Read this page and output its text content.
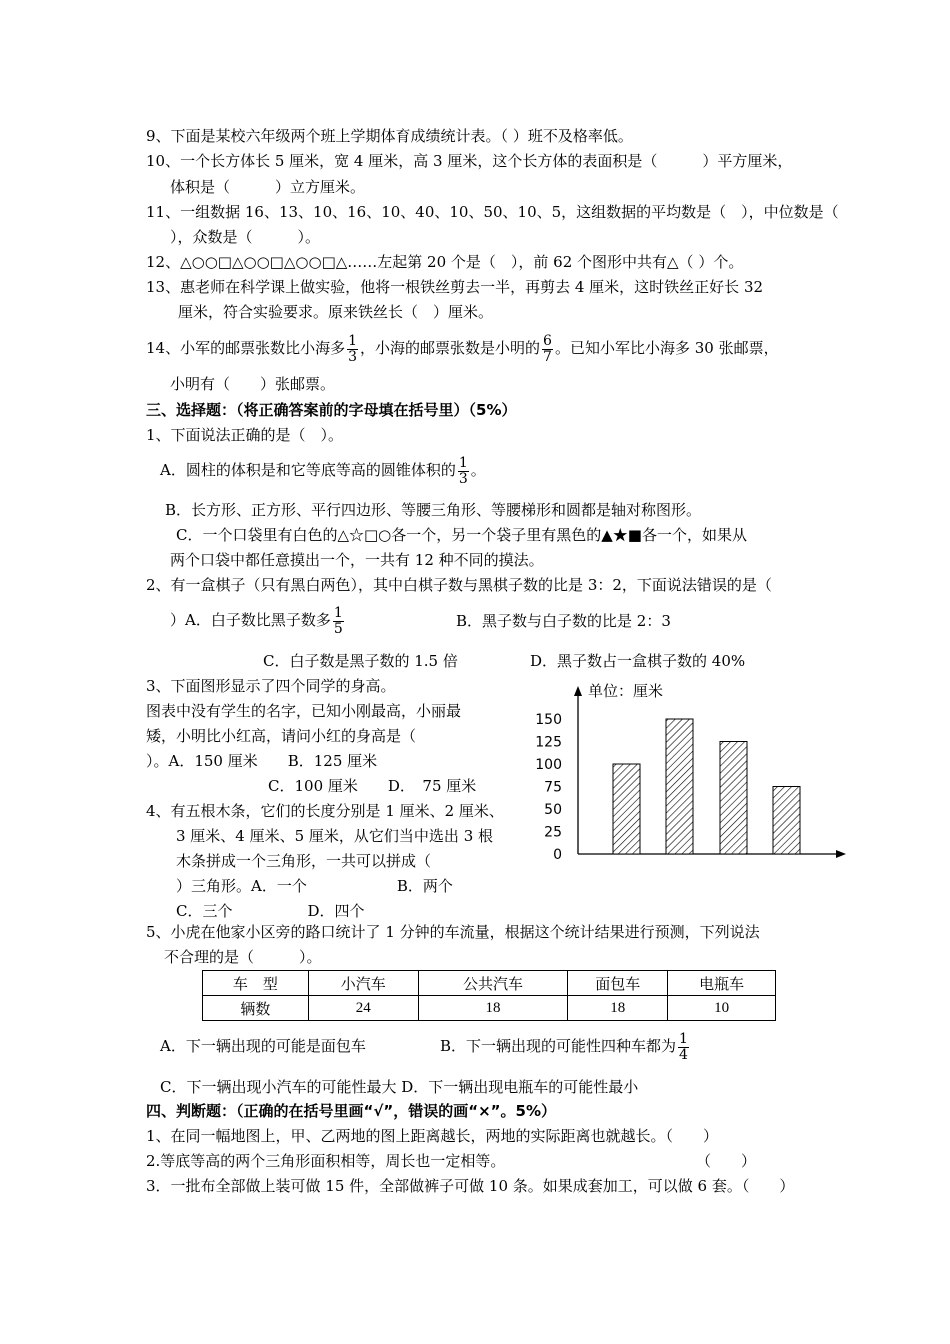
9、下面是某校六年级两个班上学期体育成绩统计表。（ ）班不及格率低。
10、一个长方体长 5 厘米，宽 4 厘米，高 3 厘米，这个长方体的表面积是（　　　）平方厘米，
体积是（　　　）立方厘米。
11、一组数据 16、13、10、16、10、40、10、50、10、5，这组数据的平均数是（　），中位数是（
），众数是（　　　）。
12、△○○□△○○□△○○□△……左起第 20 个是（　），前 62 个图形中共有△（ ）个。
13、惠老师在科学课上做实验，他将一根铁丝剪去一半，再剪去 4 厘米，这时铁丝正好长 32
厘米，符合实验要求。原来铁丝长（　）厘米。
14、小军的邮票张数比小海多 $\frac{1}{3}$ ，小海的邮票张数是小明的 $\frac{6}{7}$ 。已知小军比小海多 30 张邮票，
小明有（　　）张邮票。
三、选择题：（将正确答案前的字母填在括号里）（5%）
1、下面说法正确的是（　）。
A．圆柱的体积是和它等底等高的圆锥体积的 $\frac{1}{3}$ 。
B．长方形、正方形、平行四边形、等腰三角形、等腰梯形和圆都是轴对称图形。
C．一个口袋里有白色的△☆□○各一个，另一个袋子里有黑色的▲★■各一个，如果从
两个口袋中都任意摸出一个，一共有 12 种不同的摸法。
2、有一盒棋子（只有黑白两色），其中白棋子数与黑棋子数的比是 3：2，下面说法错误的是（
）A．白子数比黑子数多 $\frac{1}{5}$	B．黑子数与白子数的比是 2：3
C．白子数是黑子数的 1.5 倍	D．黑子数占一盒棋子数的 40%
3、下面图形显示了四个同学的身高。
图表中没有学生的名字，已知小刚最高，小丽最
矮，小明比小红高，请问小红的身高是（
）。A．150 厘米　　B．125 厘米
C．100 厘米　　D．　75 厘米
4、有五根木条，它们的长度分别是 1 厘米、2 厘米、
3 厘米、4 厘米、5 厘米，从它们当中选出 3 根
木条拼成一个三角形，一共可以拼成（
）三角形。A．一个　　　　　　B．两个
C．三个　　　　　D．四个
单位：厘米
150
125
100
75
50
25
0
5、小虎在他家小区旁的路口统计了 1 分钟的车流量，根据这个统计结果进行预测，下列说法
不合理的是（　　　）。
车　型	小汽车	公共汽车	面包车	电瓶车
辆数	24	18	18	10
A．下一辆出现的可能是面包车	B．下一辆出现的可能性四种车都为 $\frac{1}{4}$
C．下一辆出现小汽车的可能性最大 D．下一辆出现电瓶车的可能性最小
四、判断题：（正确的在括号里画“√”，错误的画“×”。5%）
1、在同一幅地图上，甲、乙两地的图上距离越长，两地的实际距离也就越长。（　　）
2.等底等高的两个三角形面积相等，周长也一定相等。	（　　）
3．一批布全部做上装可做 15 件，全部做裤子可做 10 条。如果成套加工，可以做 6 套。（　　）
